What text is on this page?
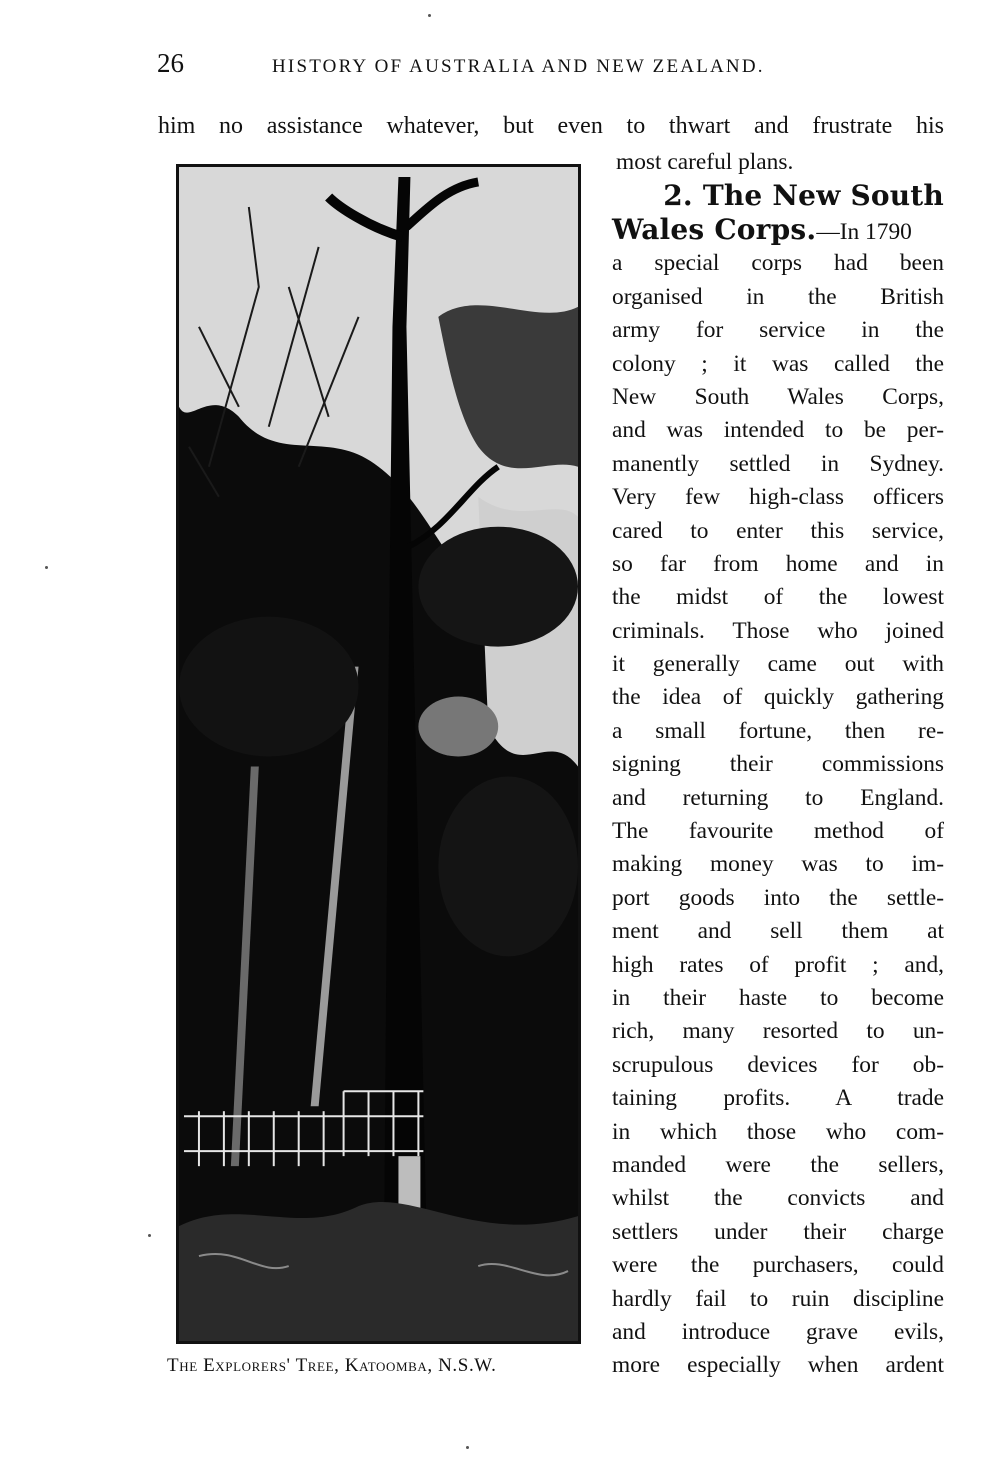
26	HISTORY OF AUSTRALIA AND NEW ZEALAND.
him no assistance whatever, but even to thwart and frustrate his
The Explorers' Tree, Katoomba, N.S.W.
most careful plans.
2. The New South
Wales Corps.—In 1790
a special corps had been
organised in the British
army for service in the
colony ; it was called the
New South Wales Corps,
and was intended to be per-
manently settled in Sydney.
Very few high-class officers
cared to enter this service,
so far from home and in
the midst of the lowest
criminals. Those who joined
it generally came out with
the idea of quickly gathering
a small fortune, then re-
signing their commissions
and returning to England.
The favourite method of
making money was to im-
port goods into the settle-
ment and sell them at
high rates of profit ; and,
in their haste to become
rich, many resorted to un-
scrupulous devices for ob-
taining profits. A trade
in which those who com-
manded were the sellers,
whilst the convicts and
settlers under their charge
were the purchasers, could
hardly fail to ruin discipline
and introduce grave evils,
more especially when ardent
